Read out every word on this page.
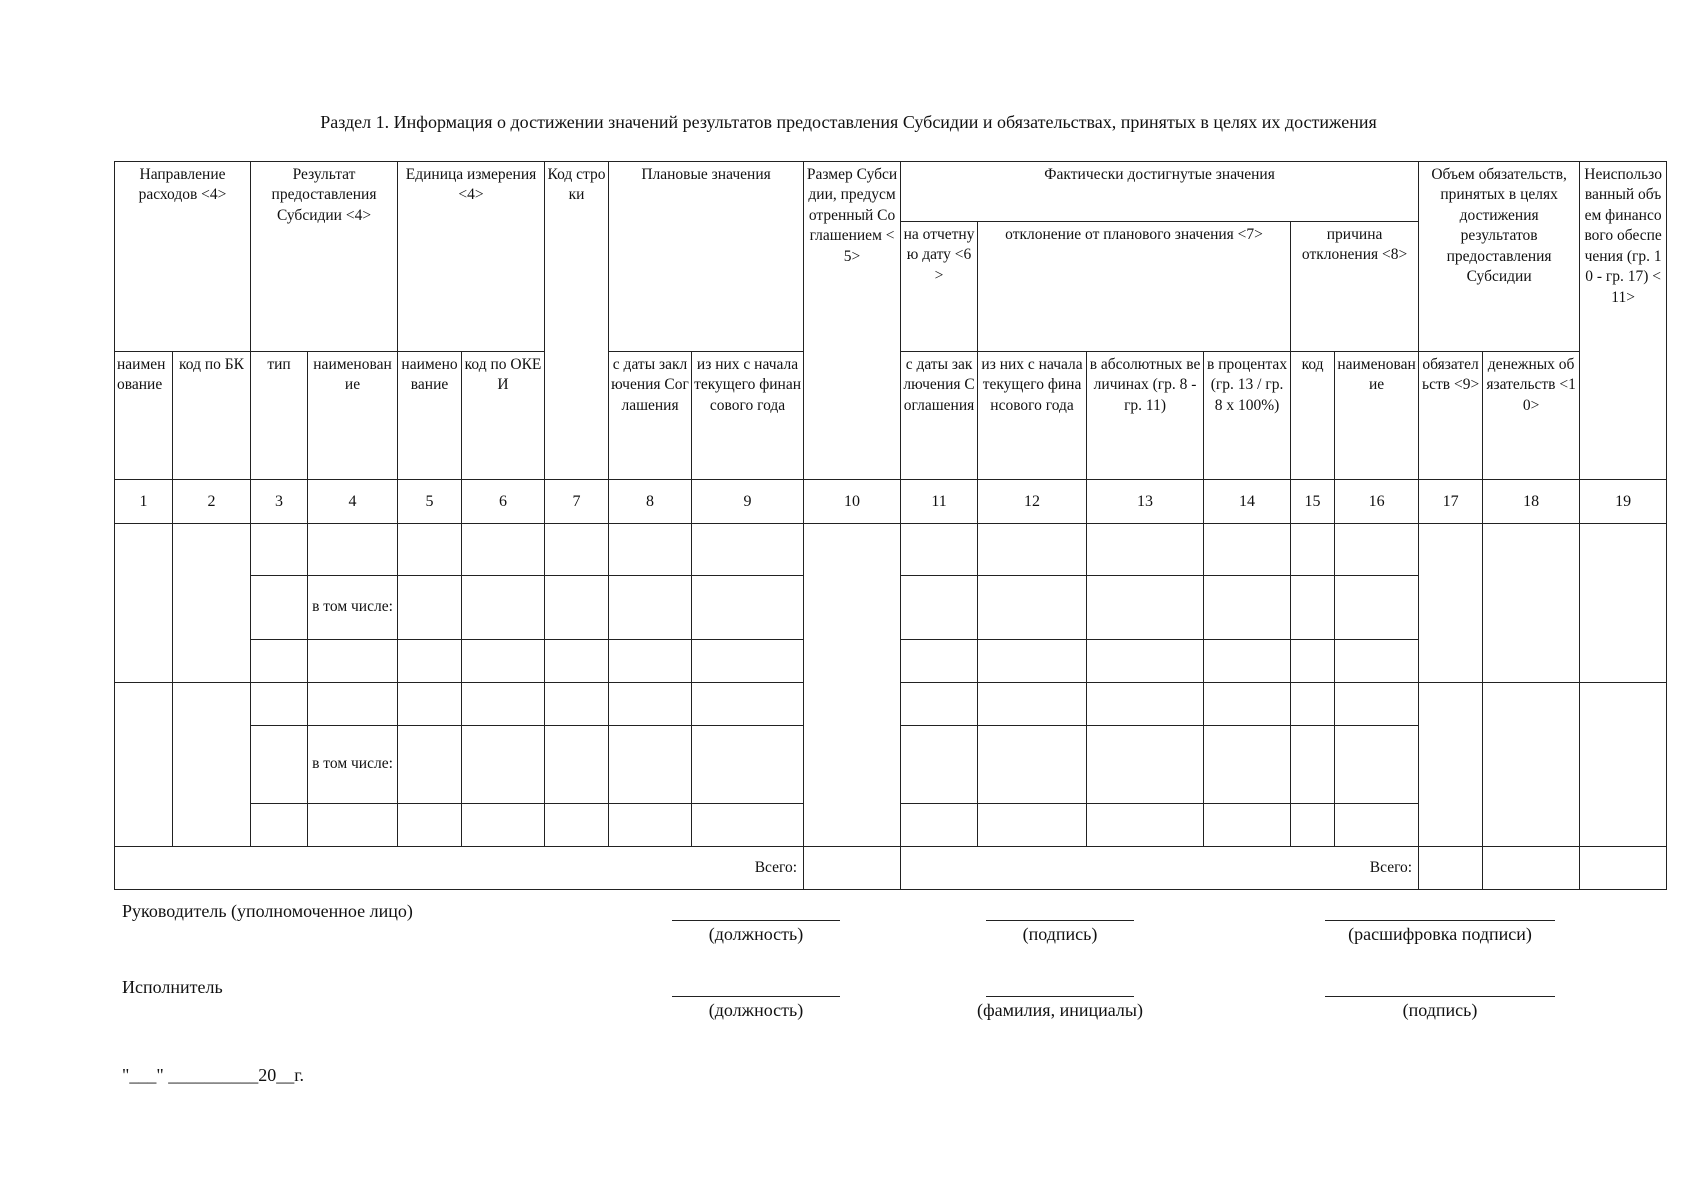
Раздел 1. Информация о достижении значений результатов предоставления Субсидии и обязательствах, принятых в целях их достижения
Направление расходов <4>		Результат предоставления Субсидии <4>		Единица измерения <4>		Код строки	Плановые значения		Размер Субсидии, предусмотренный Соглашением <5>	Фактически достигнутые значения						Объем обязательств, принятых в целях достижения результатов предоставления Субсидии		Неиспользованный объем финансового обеспечения (гр. 10 - гр. 17) <11>
										на отчетную дату <6>	отклонение от планового значения <7>			причина отклонения <8>				
наименование	код по БК	тип	наименование	наименование	код по ОКЕИ		с даты заключения Соглашения	из них с начала текущего финансового года		с даты заключения Соглашения	из них с начала текущего финансового года	в абсолютных величинах (гр. 8 - гр. 11)	в процентах (гр. 13 / гр. 8 x 100%)	код	наименование	обязательств <9>	денежных обязательств <10>	
1	2	3	4	5	6	7	8	9	10	11	12	13	14	15	16	17	18	19

			в том числе:															

			в том числе:															

Всего:										Всего:								
Руководитель (уполномоченное лицо)
(должность)	(подпись)	(расшифровка подписи)
Исполнитель
(должность)	(фамилия, инициалы)	(подпись)
"___" __________20__г.
